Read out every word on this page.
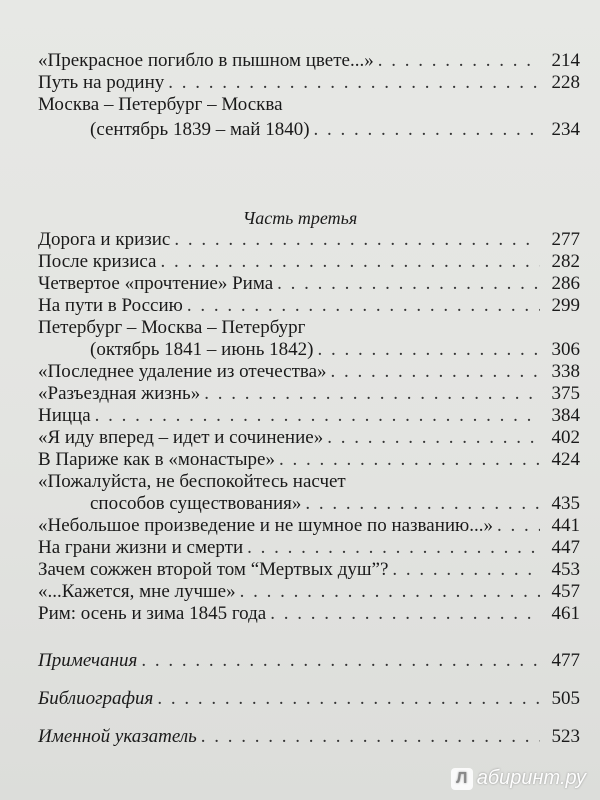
«Прекрасное погибло в пышном цвете...» . . .	214
Путь на родину . . .	228
Москва – Петербург – Москва
(сентябрь 1839 – май 1840) . . .	234
Часть третья
Дорога и кризис . . .	277
После кризиса . . .	282
Четвертое «прочтение» Рима . . .	286
На пути в Россию . . .	299
Петербург – Москва – Петербург
(октябрь 1841 – июнь 1842) . . .	306
«Последнее удаление из отечества» . . .	338
«Разъездная жизнь» . . .	375
Ницца . . .	384
«Я иду вперед – идет и сочинение» . . .	402
В Париже как в «монастыре» . . .	424
«Пожалуйста, не беспокойтесь насчет
способов существования» . . .	435
«Небольшое произведение и не шумное по названию...» . . .	441
На грани жизни и смерти . . .	447
Зачем сожжен второй том “Мертвых душ”? . . .	453
«...Кажется, мне лучше» . . .	457
Рим: осень и зима 1845 года . . .	461
Примечания . . .	477
Библиография . . .	505
Именной указатель . . .	523
Л абиринт.ру
